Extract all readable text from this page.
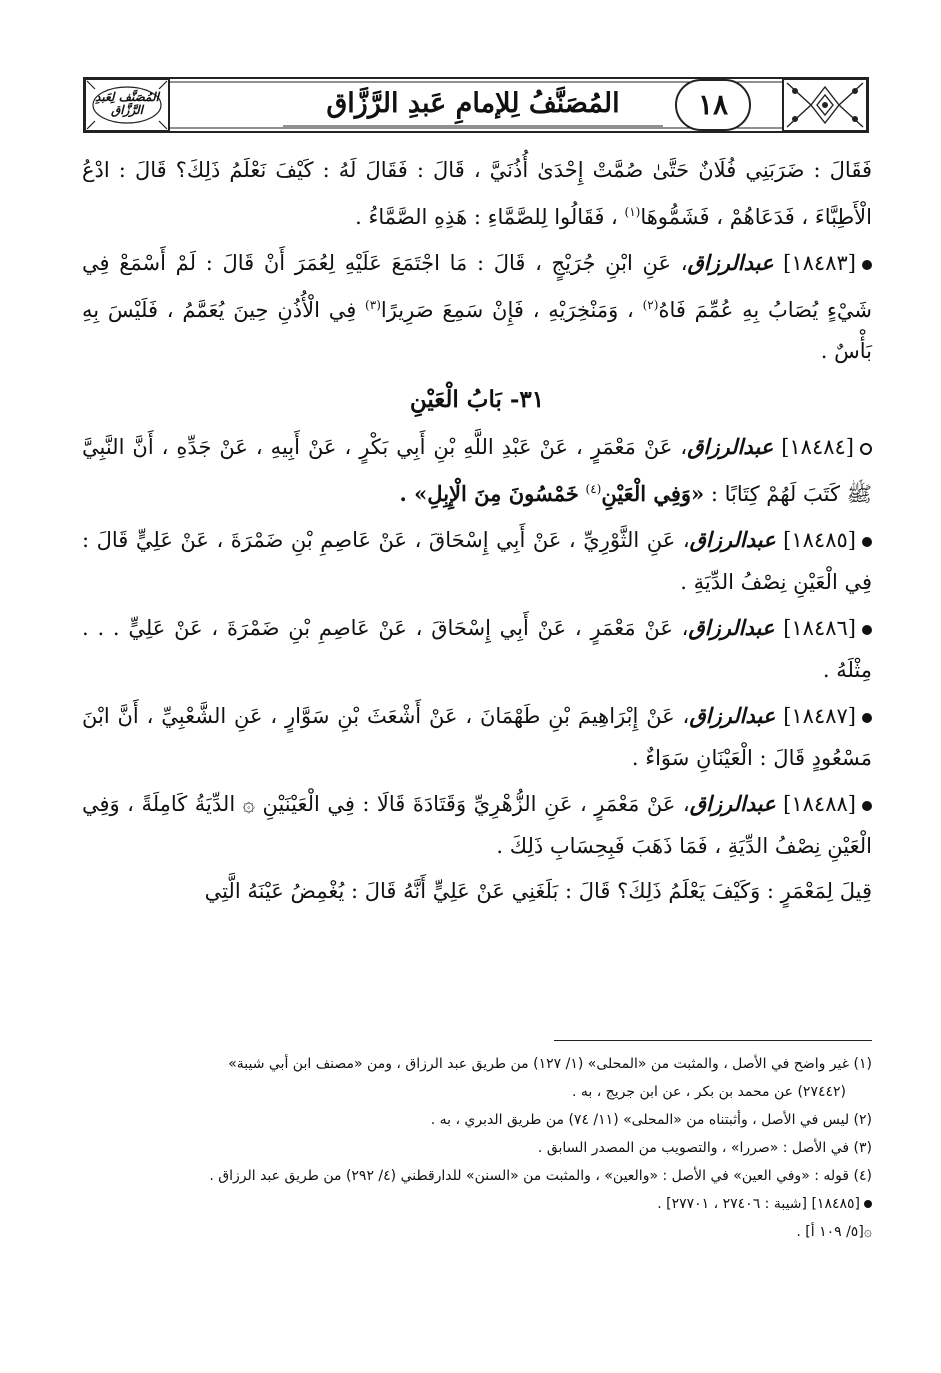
١٨
المُصَنَّفُ لِلإمامِ عَبدِ الرَّزَّاق
المُصَنَّف لِعَبدِ الرَّزَّاق

فَقَالَ : ضَرَبَنِي فُلَانٌ حَتَّىٰ صُمَّتْ إِحْدَىٰ أُذُنَيَّ ، قَالَ : فَقَالَ لَهُ : كَيْفَ نَعْلَمُ ذَلِكَ؟ قَالَ : ادْعُ الْأَطِبَّاءَ ، فَدَعَاهُمْ ، فَشَمُّوهَا$^{(١)}$ ، فَقَالُوا لِلصَّمَّاءِ : هَذِهِ الصَّمَّاءُ .

[١٨٤٨٣] عبدالرزاق، عَنِ ابْنِ جُرَيْجٍ ، قَالَ : مَا اجْتَمَعَ عَلَيْهِ لِعُمَرَ أَنْ قَالَ : لَمْ أَسْمَعْ فِي شَيْءٍ يُصَابُ بِهِ عُمِّمَ فَاهُ$^{(٢)}$ ، وَمَنْخِرَيْهِ ، فَإِنْ سَمِعَ صَرِيرًا$^{(٣)}$ فِي الْأُذُنِ حِينَ يُعَمَّمُ ، فَلَيْسَ بِهِ بَأْسٌ .

٣١- بَابُ الْعَيْنِ

[١٨٤٨٤] عبدالرزاق، عَنْ مَعْمَرٍ ، عَنْ عَبْدِ اللَّهِ بْنِ أَبِي بَكْرٍ ، عَنْ أَبِيهِ ، عَنْ جَدِّهِ ، أَنَّ النَّبِيَّ ﷺ كَتَبَ لَهُمْ كِتَابًا : «وَفِي الْعَيْنِ$^{(٤)}$ خَمْسُونَ مِنَ الْإِبِلِ» .

[١٨٤٨٥] عبدالرزاق، عَنِ الثَّوْرِيِّ ، عَنْ أَبِي إِسْحَاقَ ، عَنْ عَاصِمِ بْنِ ضَمْرَةَ ، عَنْ عَلِيٍّ قَالَ : فِي الْعَيْنِ نِصْفُ الدِّيَةِ .

[١٨٤٨٦] عبدالرزاق، عَنْ مَعْمَرٍ ، عَنْ أَبِي إِسْحَاقَ ، عَنْ عَاصِمِ بْنِ ضَمْرَةَ ، عَنْ عَلِيٍّ . . . مِثْلَهُ .

[١٨٤٨٧] عبدالرزاق، عَنْ إِبْرَاهِيمَ بْنِ طَهْمَانَ ، عَنْ أَشْعَثَ بْنِ سَوَّارٍ ، عَنِ الشَّعْبِيِّ ، أَنَّ ابْنَ مَسْعُودٍ قَالَ : الْعَيْنَانِ سَوَاءٌ .

[١٨٤٨٨] عبدالرزاق، عَنْ مَعْمَرٍ ، عَنِ الزُّهْرِيِّ وَقَتَادَةَ قَالَا : فِي الْعَيْنَيْنِ ۞ الدِّيَةُ كَامِلَةً ، وَفِي الْعَيْنِ نِصْفُ الدِّيَةِ ، فَمَا ذَهَبَ فَبِحِسَابِ ذَلِكَ .

قِيلَ لِمَعْمَرٍ : وَكَيْفَ يَعْلَمُ ذَلِكَ؟ قَالَ : بَلَغَنِي عَنْ عَلِيٍّ أَنَّهُ قَالَ : يُغْمِضُ عَيْنَهُ الَّتِي

(١) غير واضح في الأصل ، والمثبت من «المحلى» (١/ ١٢٧) من طريق عبد الرزاق ، ومن «مصنف ابن أبي شيبة»

(٢٧٤٤٢) عن محمد بن بكر ، عن ابن جريج ، به .

(٢) ليس في الأصل ، وأثبتناه من «المحلى» (١١/ ٧٤) من طريق الدبري ، به .

(٣) في الأصل : «صررا» ، والتصويب من المصدر السابق .

(٤) قوله : «وفي العين» في الأصل : «والعين» ، والمثبت من «السنن» للدارقطني (٤/ ٢٩٢) من طريق عبد الرزاق .

[١٨٤٨٥] [شيبة : ٢٧٤٠٦ ، ٢٧٧٠١] .

۞[٥/ ١٠٩ أ] .
